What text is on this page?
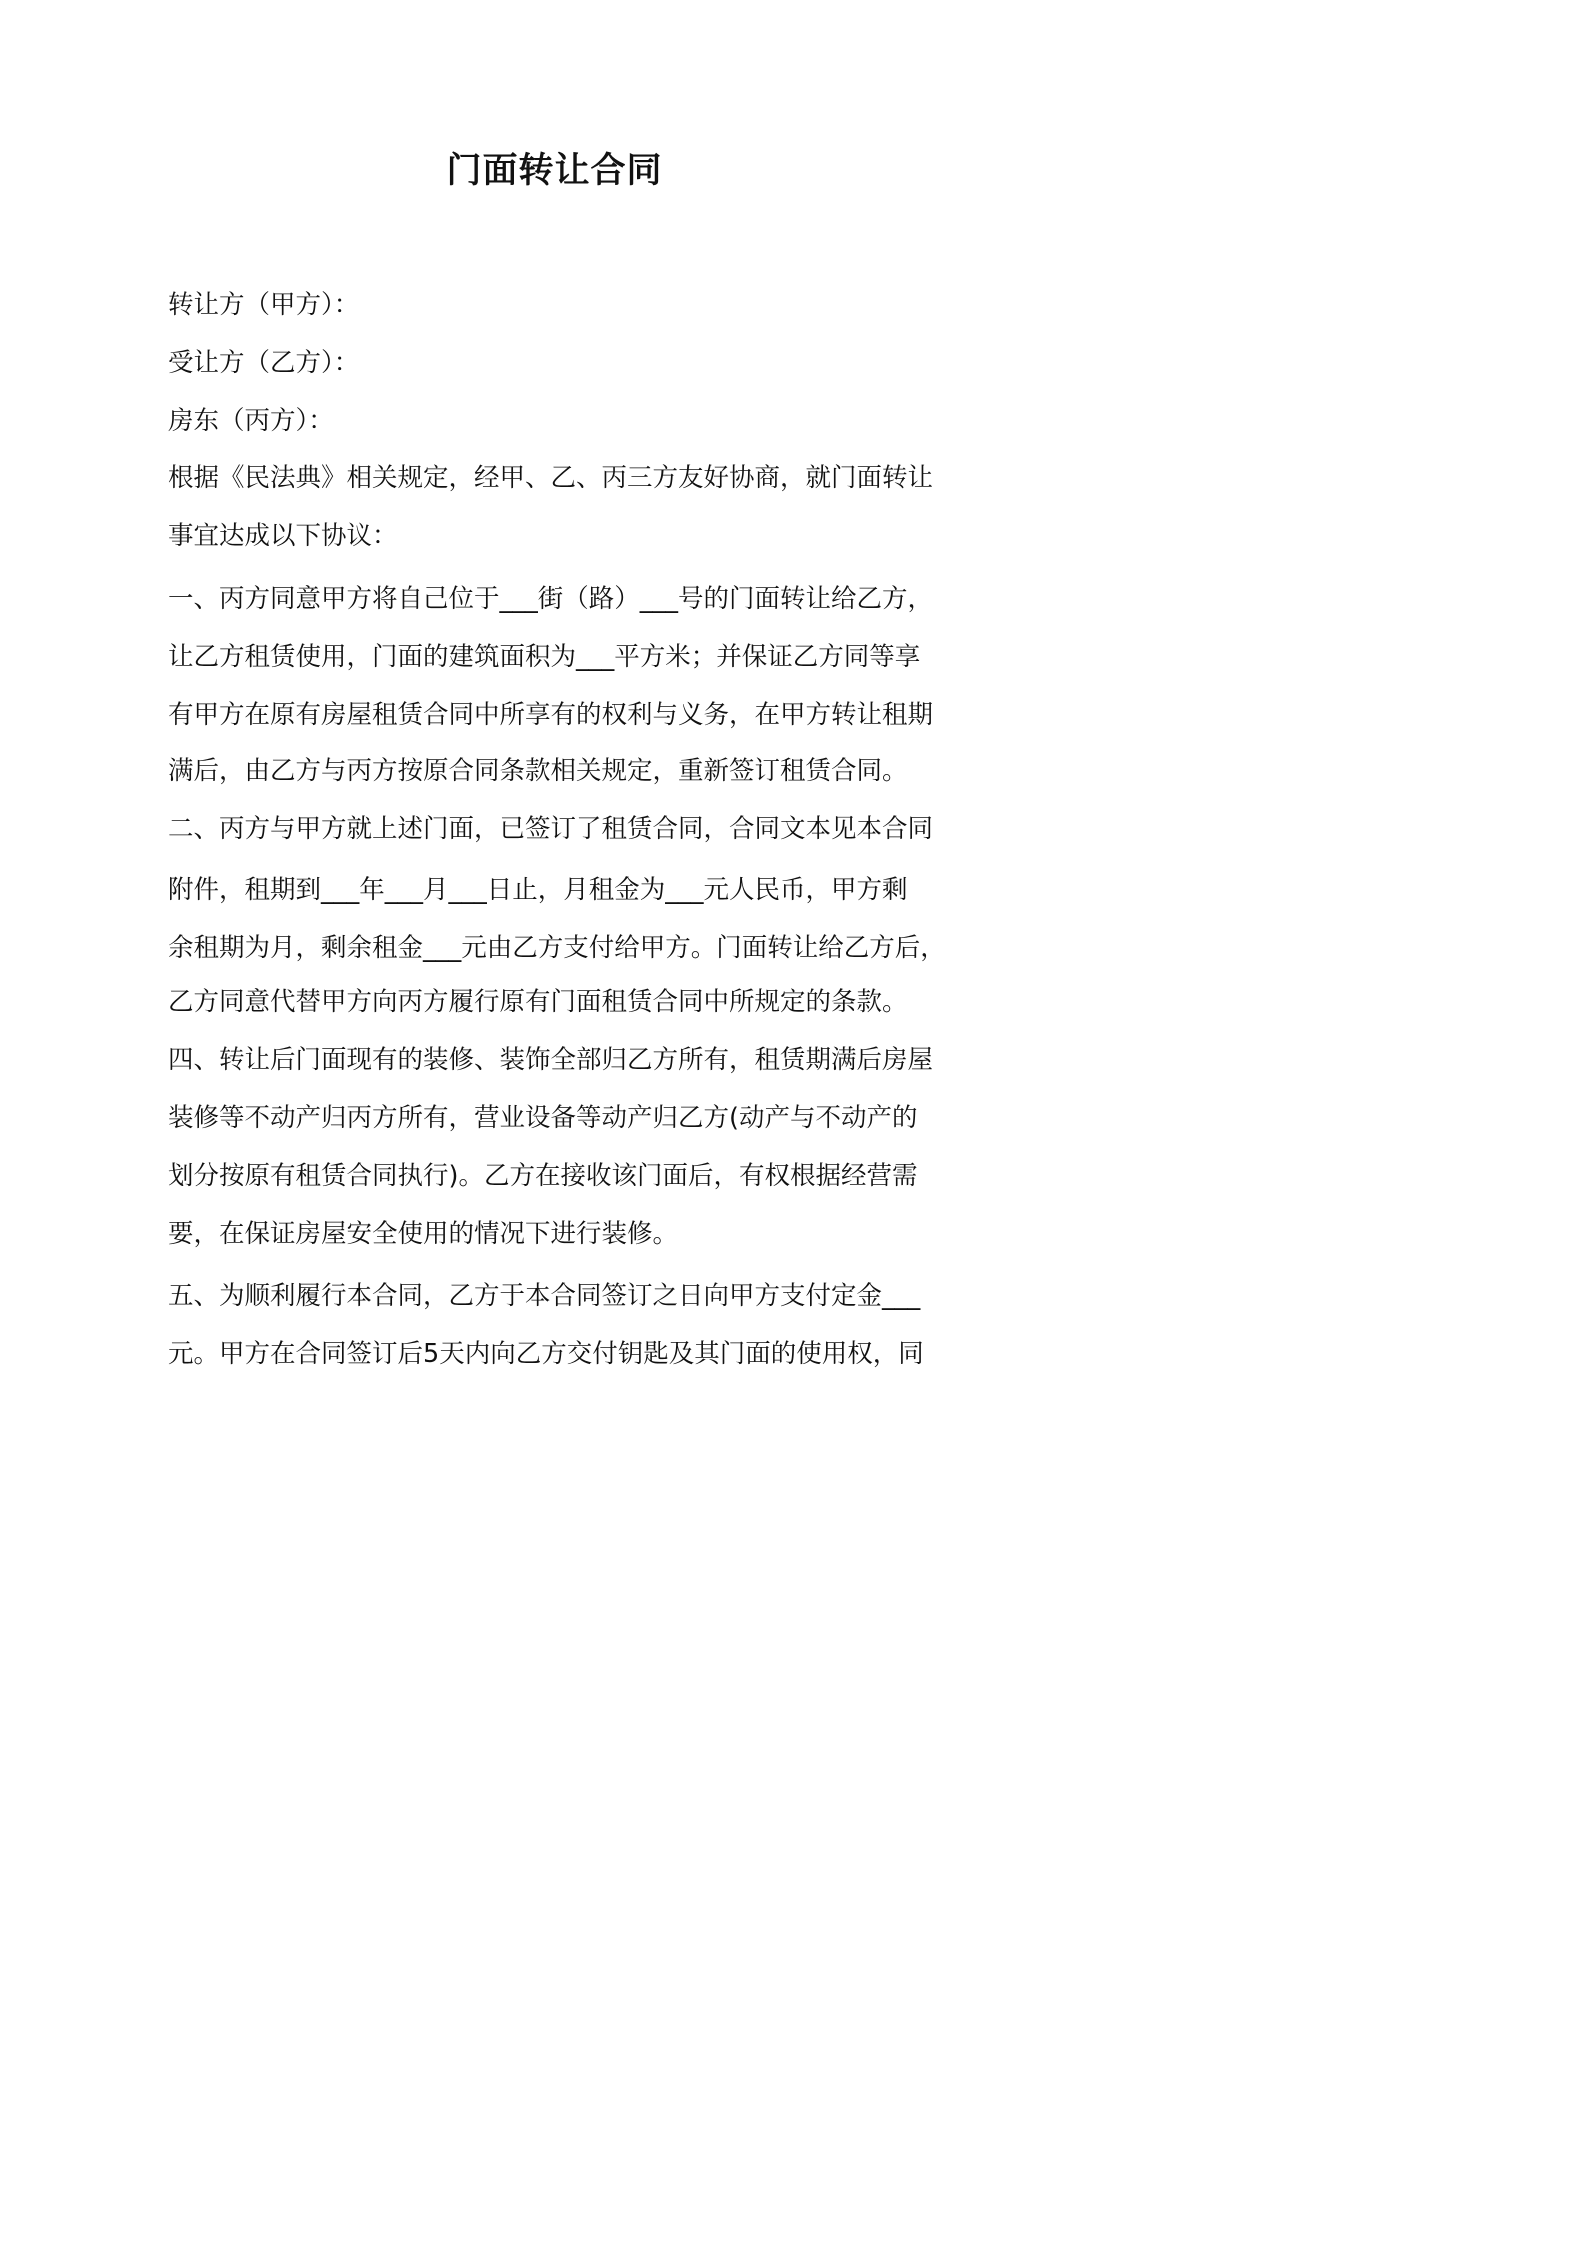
门面转让合同
转让方（甲方）：
受让方（乙方）：
房东（丙方）：
根据《民法典》相关规定，经甲、乙、丙三方友好协商，就门面转让
事宜达成以下协议：
一、丙方同意甲方将自己位于___街（路）___号的门面转让给乙方，
让乙方租赁使用，门面的建筑面积为___平方米；并保证乙方同等享
有甲方在原有房屋租赁合同中所享有的权利与义务，在甲方转让租期
满后，由乙方与丙方按原合同条款相关规定，重新签订租赁合同。
二、丙方与甲方就上述门面，已签订了租赁合同，合同文本见本合同
附件，租期到___年___月___日止，月租金为___元人民币，甲方剩
余租期为月，剩余租金___元由乙方支付给甲方。门面转让给乙方后，
乙方同意代替甲方向丙方履行原有门面租赁合同中所规定的条款。
四、转让后门面现有的装修、装饰全部归乙方所有，租赁期满后房屋
装修等不动产归丙方所有，营业设备等动产归乙方(动产与不动产的
划分按原有租赁合同执行)。乙方在接收该门面后，有权根据经营需
要，在保证房屋安全使用的情况下进行装修。
五、为顺利履行本合同，乙方于本合同签订之日向甲方支付定金___
元。甲方在合同签订后5天内向乙方交付钥匙及其门面的使用权，同
